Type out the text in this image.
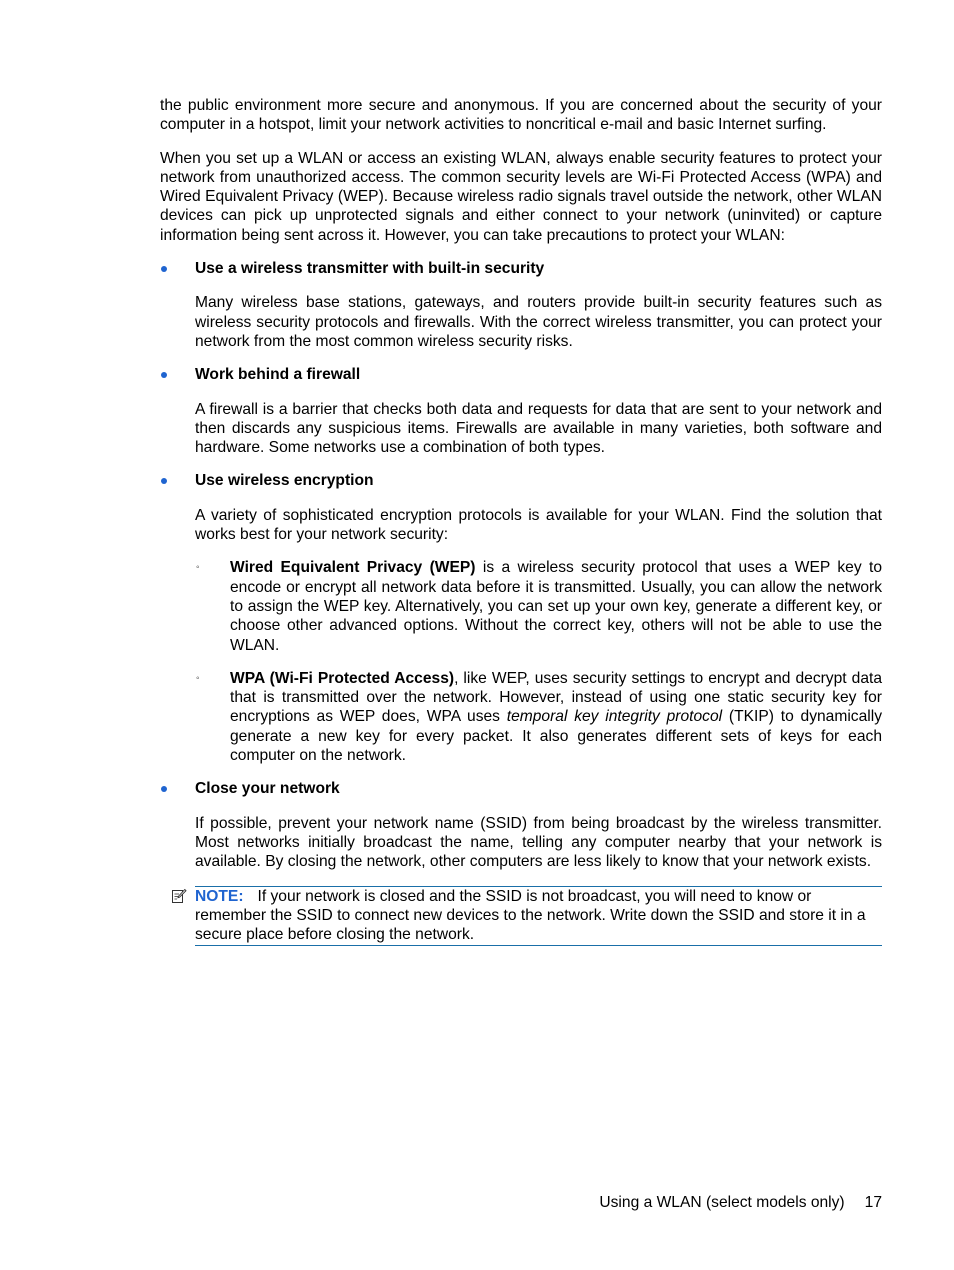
the public environment more secure and anonymous. If you are concerned about the security of your computer in a hotspot, limit your network activities to noncritical e-mail and basic Internet surfing.

When you set up a WLAN or access an existing WLAN, always enable security features to protect your network from unauthorized access. The common security levels are Wi-Fi Protected Access (WPA) and Wired Equivalent Privacy (WEP). Because wireless radio signals travel outside the network, other WLAN devices can pick up unprotected signals and either connect to your network (uninvited) or capture information being sent across it. However, you can take precautions to protect your WLAN:

Use a wireless transmitter with built-in security

Many wireless base stations, gateways, and routers provide built-in security features such as wireless security protocols and firewalls. With the correct wireless transmitter, you can protect your network from the most common wireless security risks.

Work behind a firewall

A firewall is a barrier that checks both data and requests for data that are sent to your network and then discards any suspicious items. Firewalls are available in many varieties, both software and hardware. Some networks use a combination of both types.

Use wireless encryption

A variety of sophisticated encryption protocols is available for your WLAN. Find the solution that works best for your network security:

◦ Wired Equivalent Privacy (WEP) is a wireless security protocol that uses a WEP key to encode or encrypt all network data before it is transmitted. Usually, you can allow the network to assign the WEP key. Alternatively, you can set up your own key, generate a different key, or choose other advanced options. Without the correct key, others will not be able to use the WLAN.
◦ WPA (Wi-Fi Protected Access), like WEP, uses security settings to encrypt and decrypt data that is transmitted over the network. However, instead of using one static security key for encryptions as WEP does, WPA uses temporal key integrity protocol (TKIP) to dynamically generate a new key for every packet. It also generates different sets of keys for each computer on the network.
Close your network

If possible, prevent your network name (SSID) from being broadcast by the wireless transmitter. Most networks initially broadcast the name, telling any computer nearby that your network is available. By closing the network, other computers are less likely to know that your network exists.

NOTE: If your network is closed and the SSID is not broadcast, you will need to know or remember the SSID to connect new devices to the network. Write down the SSID and store it in a secure place before closing the network.
Using a WLAN (select models only) 17
